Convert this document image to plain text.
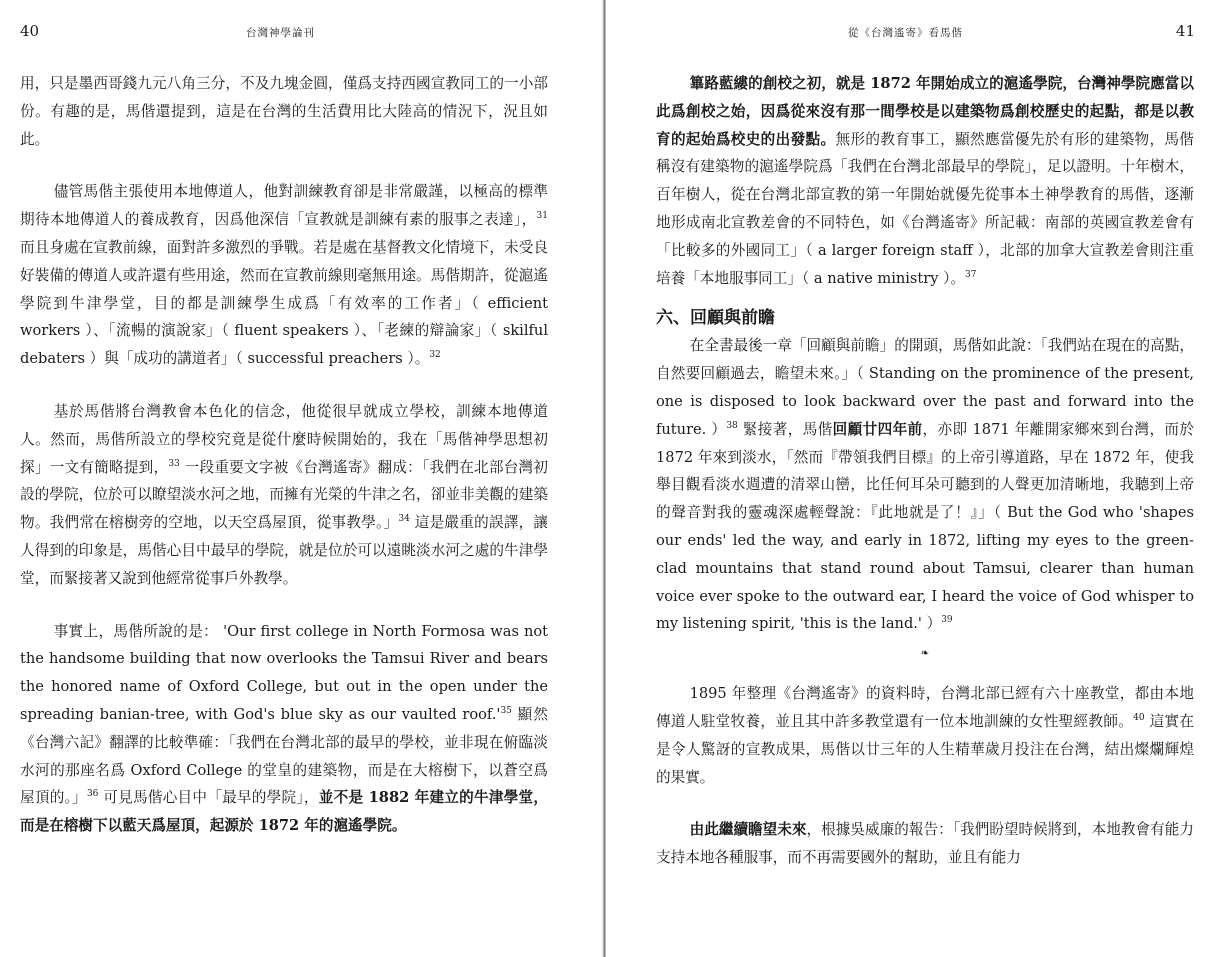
40	台灣神學論刊

用，只是墨西哥錢九元八角三分，不及九塊金圓，僅爲支持西國宣教同工的一小部份。有趣的是，馬偕還提到，這是在台灣的生活費用比大陸高的情況下，況且如此。

儘管馬偕主張使用本地傳道人，他對訓練教育卻是非常嚴謹，以極高的標準期待本地傳道人的養成教育，因爲他深信「宣教就是訓練有素的服事之表達」，$^{31}$ 而且身處在宣教前線，面對許多激烈的爭戰。若是處在基督教文化情境下，未受良好裝備的傳道人或許還有些用途，然而在宣教前線則毫無用途。馬偕期許，從滬遙學院到牛津學堂，目的都是訓練學生成爲「有效率的工作者」（ efficient workers ）、「流暢的演說家」（ fluent speakers ）、「老練的辯論家」（ skilful debaters ）與「成功的講道者」（ successful preachers ）。$^{32}$

基於馬偕將台灣教會本色化的信念，他從很早就成立學校，訓練本地傳道人。然而，馬偕所設立的學校究竟是從什麼時候開始的，我在「馬偕神學思想初探」一文有簡略提到，$^{33}$ 一段重要文字被《台灣遙寄》翻成：「我們在北部台灣初設的學院，位於可以瞭望淡水河之地，而擁有光榮的牛津之名，卻並非美觀的建築物。我們常在榕樹旁的空地，以天空爲屋頂，從事教學。」$^{34}$ 這是嚴重的誤譯，讓人得到的印象是，馬偕心目中最早的學院，就是位於可以遠眺淡水河之處的牛津學堂，而緊接著又說到他經常從事戶外教學。

事實上，馬偕所說的是： 'Our first college in North Formosa was not the handsome building that now overlooks the Tamsui River and bears the honored name of Oxford College, but out in the open under the spreading banian-tree, with God's blue sky as our vaulted $roof.'^{35}$ 顯然《台灣六記》翻譯的比較準確：「我們在台灣北部的最早的學校，並非現在俯臨淡水河的那座名爲 Oxford College 的堂皇的建築物，而是在大榕樹下，以蒼空爲屋頂的。」$^{36}$ 可見馬偕心目中「最早的學院」，並不是 1882 年建立的牛津學堂，而是在榕樹下以藍天爲屋頂，起源於 1872 年的滬遙學院。

從《台灣遙寄》看馬偕	41

篳路藍縷的創校之初，就是 1872 年開始成立的滬遙學院，台灣神學院應當以此爲創校之始，因爲從來沒有那一間學校是以建築物爲創校歷史的起點，都是以教育的起始爲校史的出發點。無形的教育事工，顯然應當優先於有形的建築物，馬偕稱沒有建築物的滬遙學院爲「我們在台灣北部最早的學院」，足以證明。十年樹木，百年樹人，從在台灣北部宣教的第一年開始就優先從事本土神學教育的馬偕，逐漸地形成南北宣教差會的不同特色，如《台灣遙寄》所記載：南部的英國宣教差會有「比較多的外國同工」（ a larger foreign staff ），北部的加拿大宣教差會則注重培養「本地服事同工」（ a native ministry ）。$^{37}$

六、回顧與前瞻

在全書最後一章「回顧與前瞻」的開頭，馬偕如此說：「我們站在現在的高點，自然要回顧過去，瞻望未來。」（ Standing on the prominence of the present, one is disposed to look backward over the past and forward into the future. ）$^{38}$ 緊接著，馬偕回顧廿四年前，亦即 1871 年離開家鄉來到台灣，而於 1872 年來到淡水，「然而『帶領我們目標』的上帝引導道路，早在 1872 年，使我舉目觀看淡水週遭的清翠山巒，比任何耳朵可聽到的人聲更加清晰地，我聽到上帝的聲音對我的靈魂深處輕聲說：『此地就是了！』」（ But the God who 'shapes our ends' led the way, and early in 1872, lifting my eyes to the green-clad mountains that stand round about Tamsui, clearer than human voice ever spoke to the outward ear, I heard the voice of God whisper to my listening spirit, 'this is the land.' ）$^{39}$

❧

1895 年整理《台灣遙寄》的資料時，台灣北部已經有六十座教堂，都由本地傳道人駐堂牧養，並且其中許多教堂還有一位本地訓練的女性聖經教師。$^{40}$ 這實在是令人驚訝的宣教成果，馬偕以廿三年的人生精華歲月投注在台灣，結出燦爛輝煌的果實。

由此繼續瞻望未來，根據吳威廉的報告：「我們盼望時候將到，本地教會有能力支持本地各種服事，而不再需要國外的幫助，並且有能力
